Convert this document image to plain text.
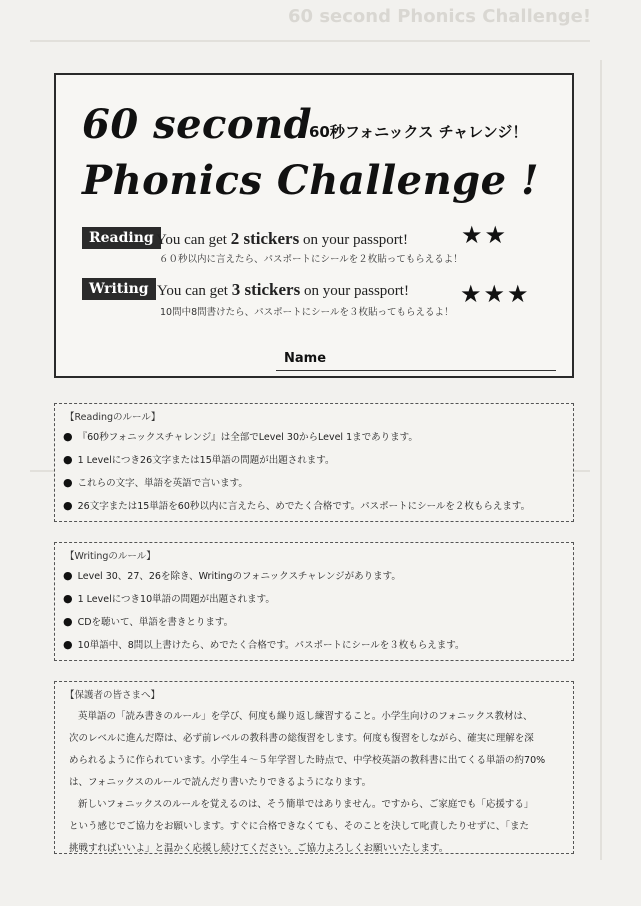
60 second Phonics Challenge!
60 second
60秒フォニックス チャレンジ！
Phonics Challenge !
Reading You can get 2 stickers on your passport!
６０秒以内に言えたら、パスポートにシールを２枚貼ってもらえるよ！
★★
Writing You can get 3 stickers on your passport!
10問中8問書けたら、パスポートにシールを３枚貼ってもらえるよ！
★★★
Name
【Readingのルール】
● 『60秒フォニックスチャレンジ』は全部でLevel 30からLevel 1まであります。
● 1 Levelにつき26文字または15単語の問題が出題されます。
● これらの文字、単語を英語で言います。
● 26文字または15単語を60秒以内に言えたら、めでたく合格です。パスポートにシールを２枚もらえます。
【Writingのルール】
● Level 30、27、26を除き、Writingのフォニックスチャレンジがあります。
● 1 Levelにつき10単語の問題が出題されます。
● CDを聴いて、単語を書きとります。
● 10単語中、8問以上書けたら、めでたく合格です。パスポートにシールを３枚もらえます。
【保護者の皆さまへ】
英単語の「読み書きのルール」を学び、何度も繰り返し練習すること。小学生向けのフォニックス教材は、
次のレベルに進んだ際は、必ず前レベルの教科書の総復習をします。何度も復習をしながら、確実に理解を深
められるように作られています。小学生４～５年学習した時点で、中学校英語の教科書に出てくる単語の約70%
は、フォニックスのルールで読んだり書いたりできるようになります。
新しいフォニックスのルールを覚えるのは、そう簡単ではありません。ですから、ご家庭でも「応援する」
という感じでご協力をお願いします。すぐに合格できなくても、そのことを決して叱責したりせずに、「また
挑戦すればいいよ」と温かく応援し続けてください。ご協力よろしくお願いいたします。
